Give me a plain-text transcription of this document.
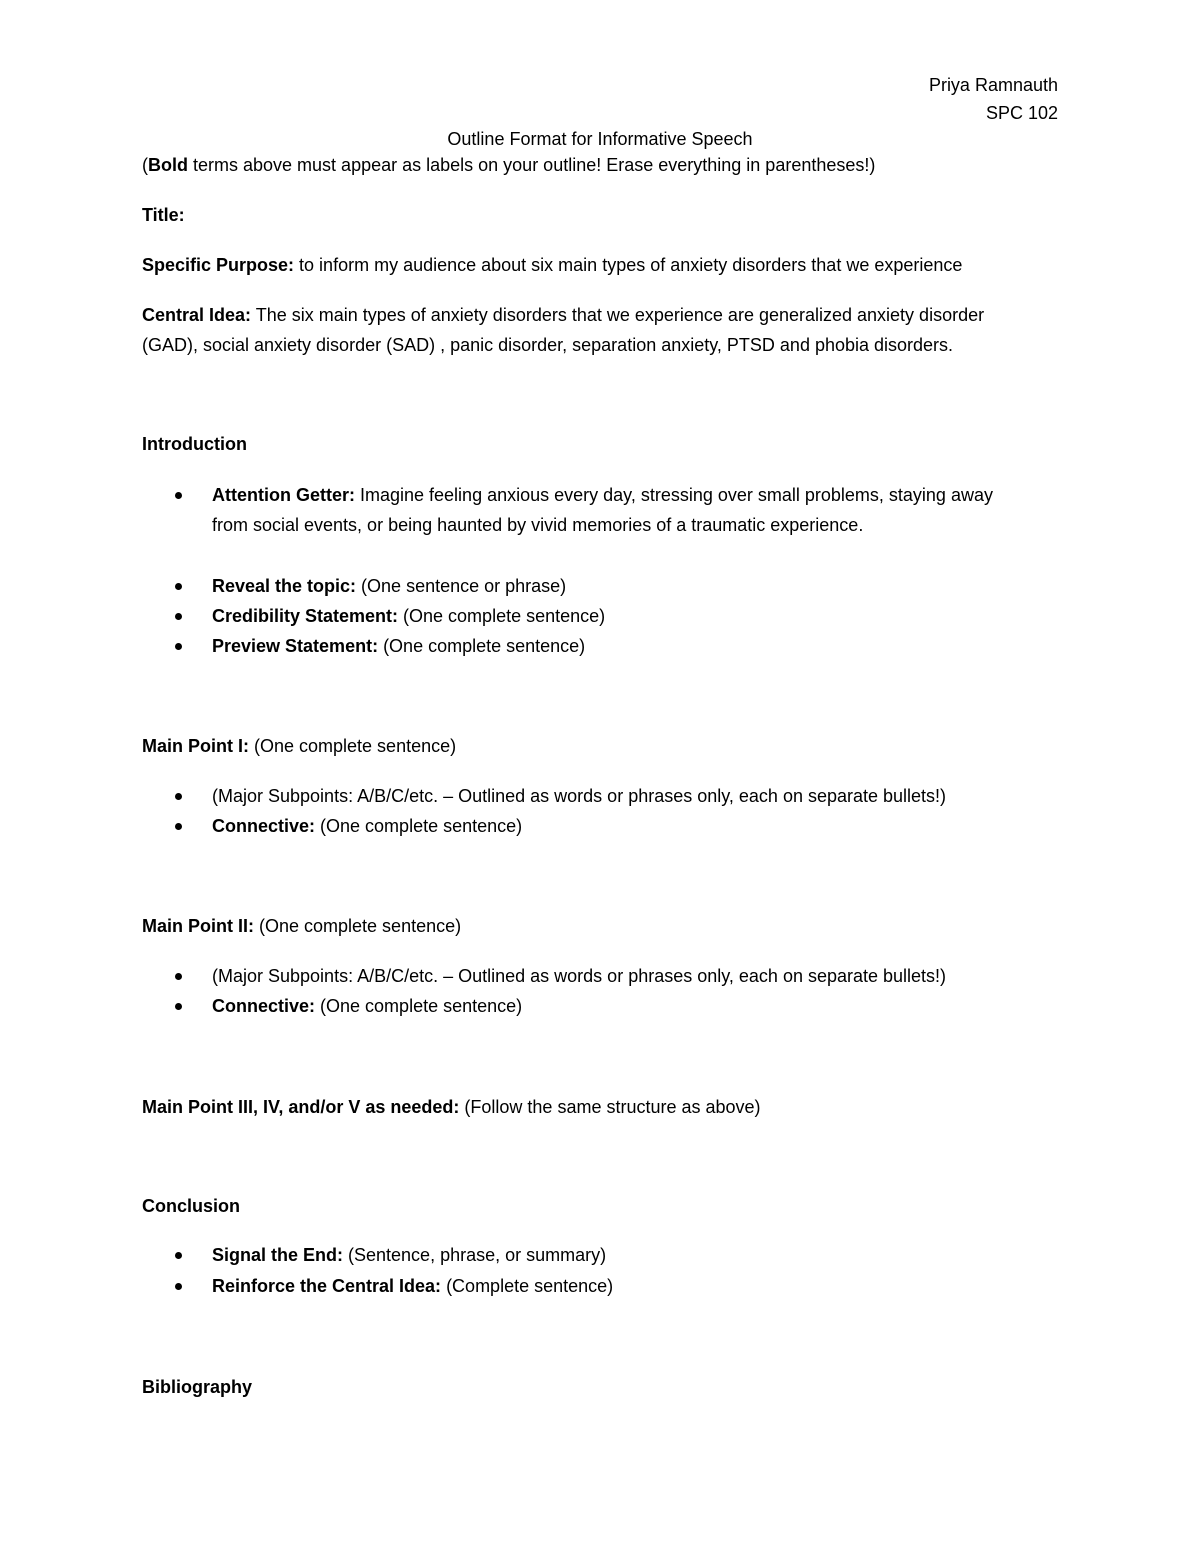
Priya Ramnauth
SPC 102
Outline Format for Informative Speech
(Bold terms above must appear as labels on your outline! Erase everything in parentheses!)
Title:
Specific Purpose: to inform my audience about six main types of anxiety disorders that we experience
Central Idea: The six main types of anxiety disorders that we experience are generalized anxiety disorder
(GAD), social anxiety disorder (SAD) , panic disorder, separation anxiety, PTSD and phobia disorders.
Introduction
Attention Getter: Imagine feeling anxious every day, stressing over small problems, staying away
from social events, or being haunted by vivid memories of a traumatic experience.
Reveal the topic: (One sentence or phrase)
Credibility Statement: (One complete sentence)
Preview Statement: (One complete sentence)
Main Point I: (One complete sentence)
(Major Subpoints: A/B/C/etc. – Outlined as words or phrases only, each on separate bullets!)
Connective: (One complete sentence)
Main Point II: (One complete sentence)
(Major Subpoints: A/B/C/etc. – Outlined as words or phrases only, each on separate bullets!)
Connective: (One complete sentence)
Main Point III, IV, and/or V as needed: (Follow the same structure as above)
Conclusion
Signal the End: (Sentence, phrase, or summary)
Reinforce the Central Idea: (Complete sentence)
Bibliography
